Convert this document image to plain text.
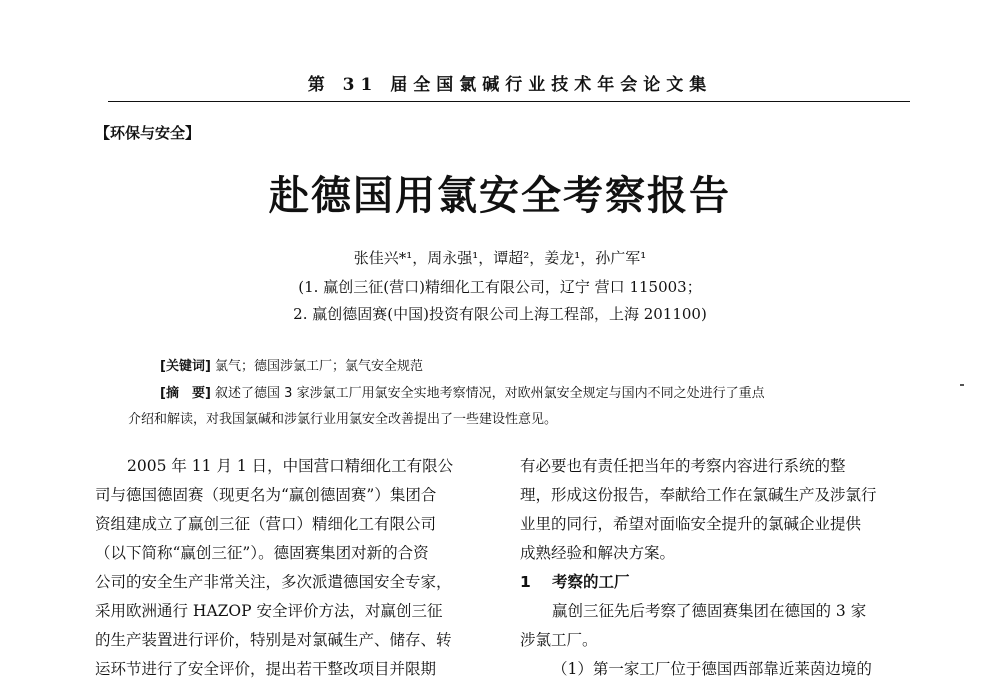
第 31 届全国氯碱行业技术年会论文集
【环保与安全】
赴德国用氯安全考察报告
张佳兴*¹，周永强¹，谭超²，姜龙¹，孙广军¹
(1. 赢创三征(营口)精细化工有限公司，辽宁 营口 115003；
2. 赢创德固赛(中国)投资有限公司上海工程部，上海 201100)
[关键词] 氯气；德国涉氯工厂；氯气安全规范
[摘　要] 叙述了德国 3 家涉氯工厂用氯安全实地考察情况，对欧州氯安全规定与国内不同之处进行了重点
介绍和解读，对我国氯碱和涉氯行业用氯安全改善提出了一些建设性意见。
2005 年 11 月 1 日，中国营口精细化工有限公
司与德国德固赛（现更名为“赢创德固赛”）集团合
资组建成立了赢创三征（营口）精细化工有限公司
（以下简称“赢创三征”）。德固赛集团对新的合资
公司的安全生产非常关注，多次派遣德国安全专家，
采用欧洲通行 HAZOP 安全评价方法，对赢创三征
的生产装置进行评价，特别是对氯碱生产、储存、转
运环节进行了安全评价，提出若干整改项目并限期
有必要也有责任把当年的考察内容进行系统的整
理，形成这份报告，奉献给工作在氯碱生产及涉氯行
业里的同行，希望对面临安全提升的氯碱企业提供
成熟经验和解决方案。
1 考察的工厂
赢创三征先后考察了德固赛集团在德国的 3 家
涉氯工厂。
（1）第一家工厂位于德国西部靠近莱茵边境的
